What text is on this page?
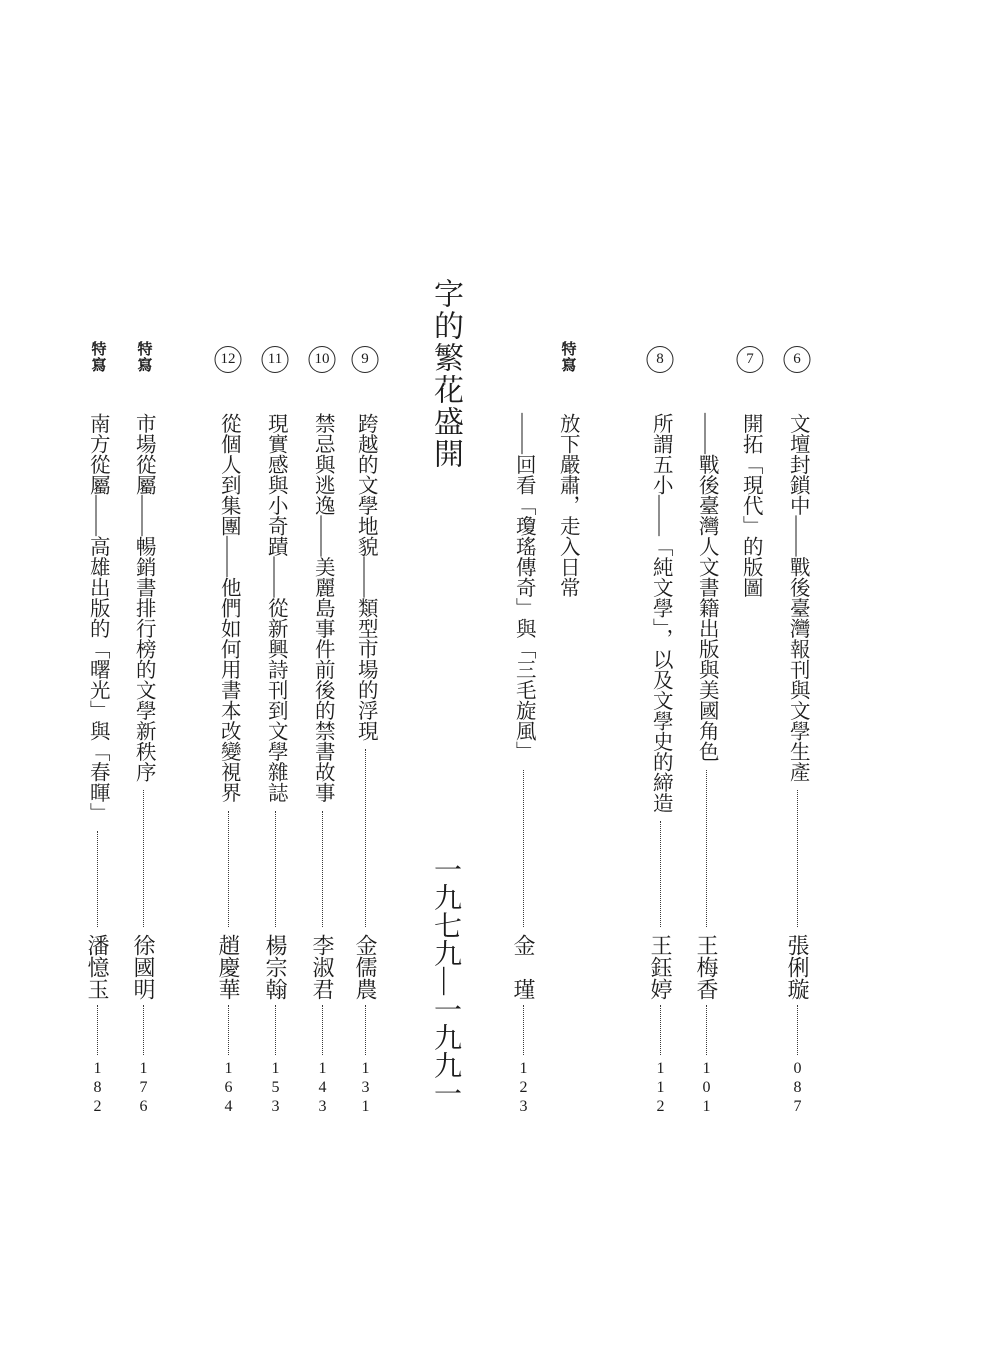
6
文壇封鎖中——戰後臺灣報刊與文學生產
張俐璇
087
7
開拓「現代」的版圖
——戰後臺灣人文書籍出版與美國角色
王梅香
101
8
所謂五小——「純文學」，以及文學史的締造
王鈺婷
112
特寫
放下嚴肅，走入日常
——回看「瓊瑤傳奇」與「三毛旋風」
金　瑾
123
字的繁花盛開
一九七九—一九九一
9
跨越的文學地貌——類型市場的浮現
金儒農
131
10
禁忌與逃逸——美麗島事件前後的禁書故事
李淑君
143
11
現實感與小奇蹟——從新興詩刊到文學雜誌
楊宗翰
153
12
從個人到集團——他們如何用書本改變視界
趙慶華
164
特寫
市場從屬——暢銷書排行榜的文學新秩序
徐國明
176
特寫
南方從屬——高雄出版的「曙光」與「春暉」
潘憶玉
182
